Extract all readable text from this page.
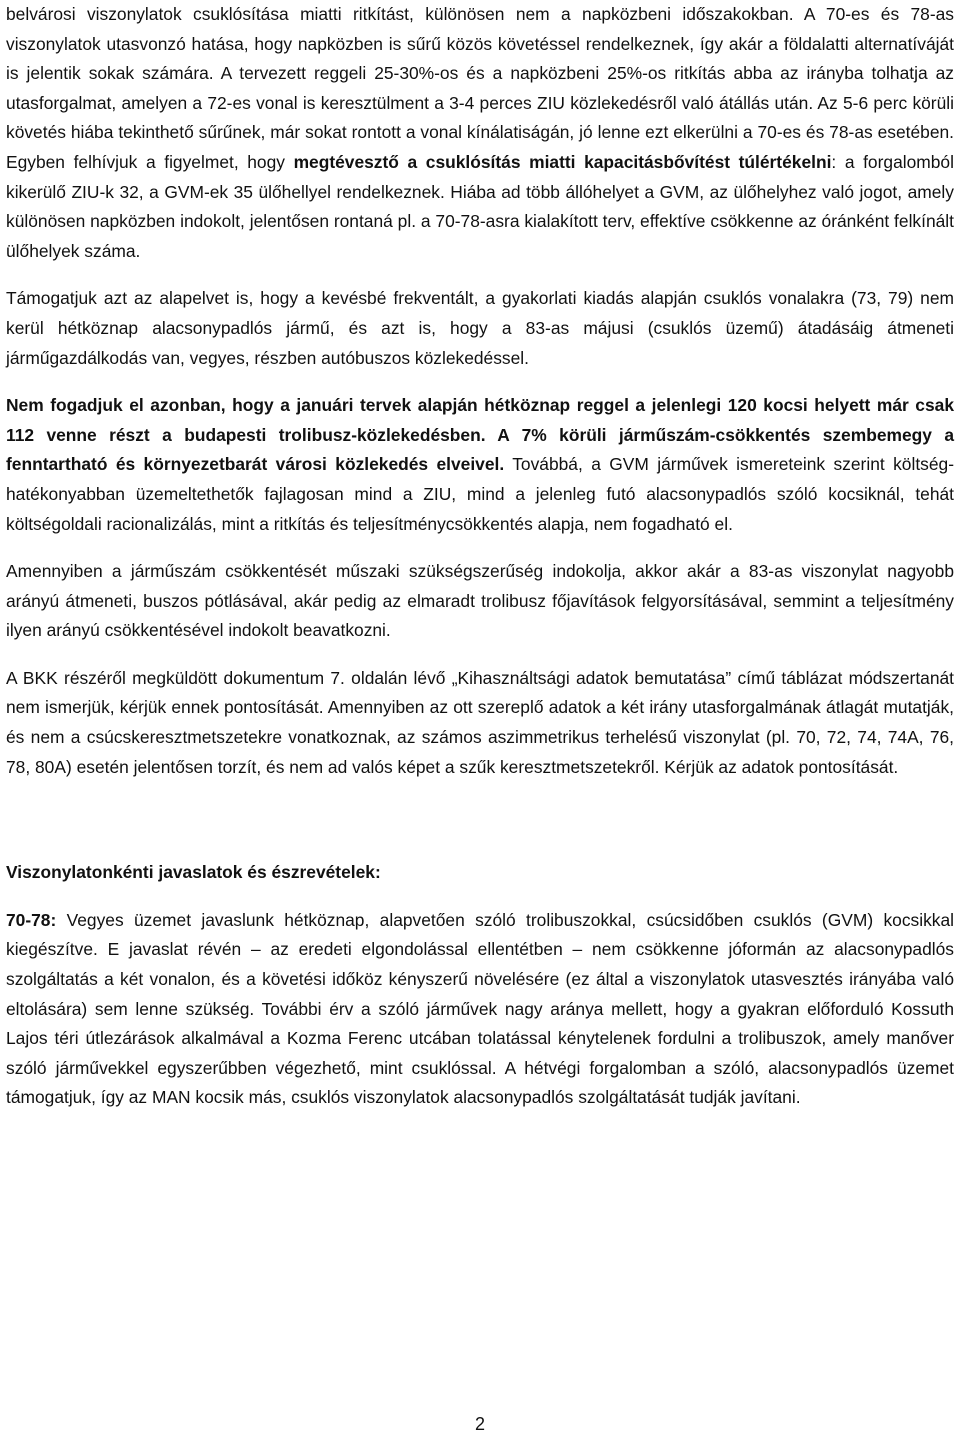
belvárosi viszonylatok csuklósítása miatti ritkítást, különösen nem a napközbeni időszakokban. A 70-es és 78-as viszonylatok utasvonzó hatása, hogy napközben is sűrű közös követéssel rendelkeznek, így akár a földalatti alternatíváját is jelentik sokak számára. A tervezett reggeli 25-30%-os és a napközbeni 25%-os ritkítás abba az irányba tolhatja az utasforgalmat, amelyen a 72-es vonal is keresztülment a 3-4 perces ZIU közlekedésről való átállás után. Az 5-6 perc körüli követés hiába tekinthető sűrűnek, már sokat rontott a vonal kínálatiságán, jó lenne ezt elkerülni a 70-es és 78-as esetében. Egyben felhívjuk a figyelmet, hogy megtévesztő a csuklósítás miatti kapacitásbővítést túlértékelni: a forgalomból kikerülő ZIU-k 32, a GVM-ek 35 ülőhellyel rendelkeznek. Hiába ad több állóhelyet a GVM, az ülőhelyhez való jogot, amely különösen napközben indokolt, jelentősen rontaná pl. a 70-78-asra kialakított terv, effektíve csökkenne az óránként felkínált ülőhelyek száma.

Támogatjuk azt az alapelvet is, hogy a kevésbé frekventált, a gyakorlati kiadás alapján csuklós vonalakra (73, 79) nem kerül hétköznap alacsonypadlós jármű, és azt is, hogy a 83-as májusi (csuklós üzemű) átadásáig átmeneti járműgazdálkodás van, vegyes, részben autóbuszos közlekedéssel.

Nem fogadjuk el azonban, hogy a januári tervek alapján hétköznap reggel a jelenlegi 120 kocsi helyett már csak 112 venne részt a budapesti trolibusz-közlekedésben. A 7% körüli járműszám-csökkentés szembemegy a fenntartható és környezetbarát városi közlekedés elveivel. Továbbá, a GVM járművek ismereteink szerint költség-hatékonyabban üzemeltethetők fajlagosan mind a ZIU, mind a jelenleg futó alacsonypadlós szóló kocsiknál, tehát költségoldali racionalizálás, mint a ritkítás és teljesítménycsökkentés alapja, nem fogadható el.

Amennyiben a járműszám csökkentését műszaki szükségszerűség indokolja, akkor akár a 83-as viszonylat nagyobb arányú átmeneti, buszos pótlásával, akár pedig az elmaradt trolibusz főjavítások felgyorsításával, semmint a teljesítmény ilyen arányú csökkentésével indokolt beavatkozni.

A BKK részéről megküldött dokumentum 7. oldalán lévő „Kihasználtsági adatok bemutatása” című táblázat módszertanát nem ismerjük, kérjük ennek pontosítását. Amennyiben az ott szereplő adatok a két irány utasforgalmának átlagát mutatják, és nem a csúcskeresztmetszetekre vonatkoznak, az számos aszimmetrikus terhelésű viszonylat (pl. 70, 72, 74, 74A, 76, 78, 80A) esetén jelentősen torzít, és nem ad valós képet a szűk keresztmetszetekről. Kérjük az adatok pontosítását.

Viszonylatonkénti javaslatok és észrevételek:

70-78: Vegyes üzemet javaslunk hétköznap, alapvetően szóló trolibuszokkal, csúcsidőben csuklós (GVM) kocsikkal kiegészítve. E javaslat révén – az eredeti elgondolással ellentétben – nem csökkenne jóformán az alacsonypadlós szolgáltatás a két vonalon, és a követési időköz kényszerű növelésére (ez által a viszonylatok utasvesztés irányába való eltolására) sem lenne szükség. További érv a szóló járművek nagy aránya mellett, hogy a gyakran előforduló Kossuth Lajos téri útlezárások alkalmával a Kozma Ferenc utcában tolatással kénytelenek fordulni a trolibuszok, amely manőver szóló járművekkel egyszerűbben végezhető, mint csuklóssal. A hétvégi forgalomban a szóló, alacsonypadlós üzemet támogatjuk, így az MAN kocsik más, csuklós viszonylatok alacsonypadlós szolgáltatását tudják javítani.

2
